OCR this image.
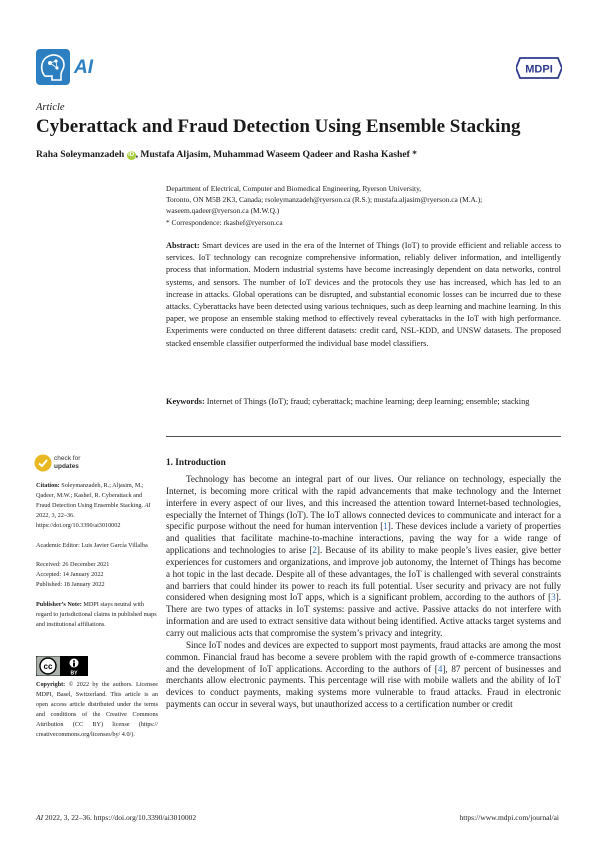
AI	MDPI
Article
Cyberattack and Fraud Detection Using Ensemble Stacking
Raha Soleymanzadeh iD , Mustafa Aljasim, Muhammad Waseem Qadeer and Rasha Kashef *
Department of Electrical, Computer and Biomedical Engineering, Ryerson University,
Toronto, ON M5B 2K3, Canada; rsoleymanzadeh@ryerson.ca (R.S.); mustafa.aljasim@ryerson.ca (M.A.);
waseem.qadeer@ryerson.ca (M.W.Q.)
* Correspondence: rkashef@ryerson.ca
Abstract: Smart devices are used in the era of the Internet of Things (IoT) to provide efficient and reliable access to services. IoT technology can recognize comprehensive information, reliably deliver information, and intelligently process that information. Modern industrial systems have become increasingly dependent on data networks, control systems, and sensors. The number of IoT devices and the protocols they use has increased, which has led to an increase in attacks. Global operations can be disrupted, and substantial economic losses can be incurred due to these attacks. Cyberattacks have been detected using various techniques, such as deep learning and machine learning. In this paper, we propose an ensemble staking method to effectively reveal cyberattacks in the IoT with high performance. Experiments were conducted on three different datasets: credit card, NSL-KDD, and UNSW datasets. The proposed stacked ensemble classifier outperformed the individual base model classifiers.
Keywords: Internet of Things (IoT); fraud; cyberattack; machine learning; deep learning; ensemble; stacking
check for
updates

Citation: Soleymanzadeh, R.; Aljasim, M.; Qadeer, M.W.; Kashef, R. Cyberattack and Fraud Detection Using Ensemble Stacking. AI 2022, 3, 22–36. https://doi.org/10.3390/ai3010002

Academic Editor: Luis Javier García Villalba

Received: 26 December 2021

Accepted: 14 January 2022

Published: 18 January 2022

Publisher’s Note: MDPI stays neutral with regard to jurisdictional claims in published maps and institutional affiliations.

cc
BY
Copyright: © 2022 by the authors. Licensee MDPI, Basel, Switzerland. This article is an open access article distributed under the terms and conditions of the Creative Commons Attribution (CC BY) license (https:// creativecommons.org/licenses/by/ 4.0/).
1. Introduction

Technology has become an integral part of our lives. Our reliance on technology, especially the Internet, is becoming more critical with the rapid advancements that make technology and the Internet interfere in every aspect of our lives, and this increased the attention toward Internet-based technologies, especially the Internet of Things (IoT). The IoT allows connected devices to communicate and interact for a specific purpose without the need for human intervention [1]. These devices include a variety of properties and qualities that facilitate machine-to-machine interactions, paving the way for a wide range of applications and technologies to arise [2]. Because of its ability to make people’s lives easier, give better experiences for customers and organizations, and improve job autonomy, the Internet of Things has become a hot topic in the last decade. Despite all of these advantages, the IoT is challenged with several constraints and barriers that could hinder its power to reach its full potential. User security and privacy are not fully considered when designing most IoT apps, which is a significant problem, according to the authors of [3]. There are two types of attacks in IoT systems: passive and active. Passive attacks do not interfere with information and are used to extract sensitive data without being identified. Active attacks target systems and carry out malicious acts that compromise the system’s privacy and integrity.

Since IoT nodes and devices are expected to support most payments, fraud attacks are among the most common. Financial fraud has become a severe problem with the rapid growth of e-commerce transactions and the development of IoT applications. According to the authors of [4], 87 percent of businesses and merchants allow electronic payments. This percentage will rise with mobile wallets and the ability of IoT devices to conduct payments, making systems more vulnerable to fraud attacks. Fraud in electronic payments can occur in several ways, but unauthorized access to a certification number or credit

AI 2022, 3, 22–36. https://doi.org/10.3390/ai3010002	https://www.mdpi.com/journal/ai
